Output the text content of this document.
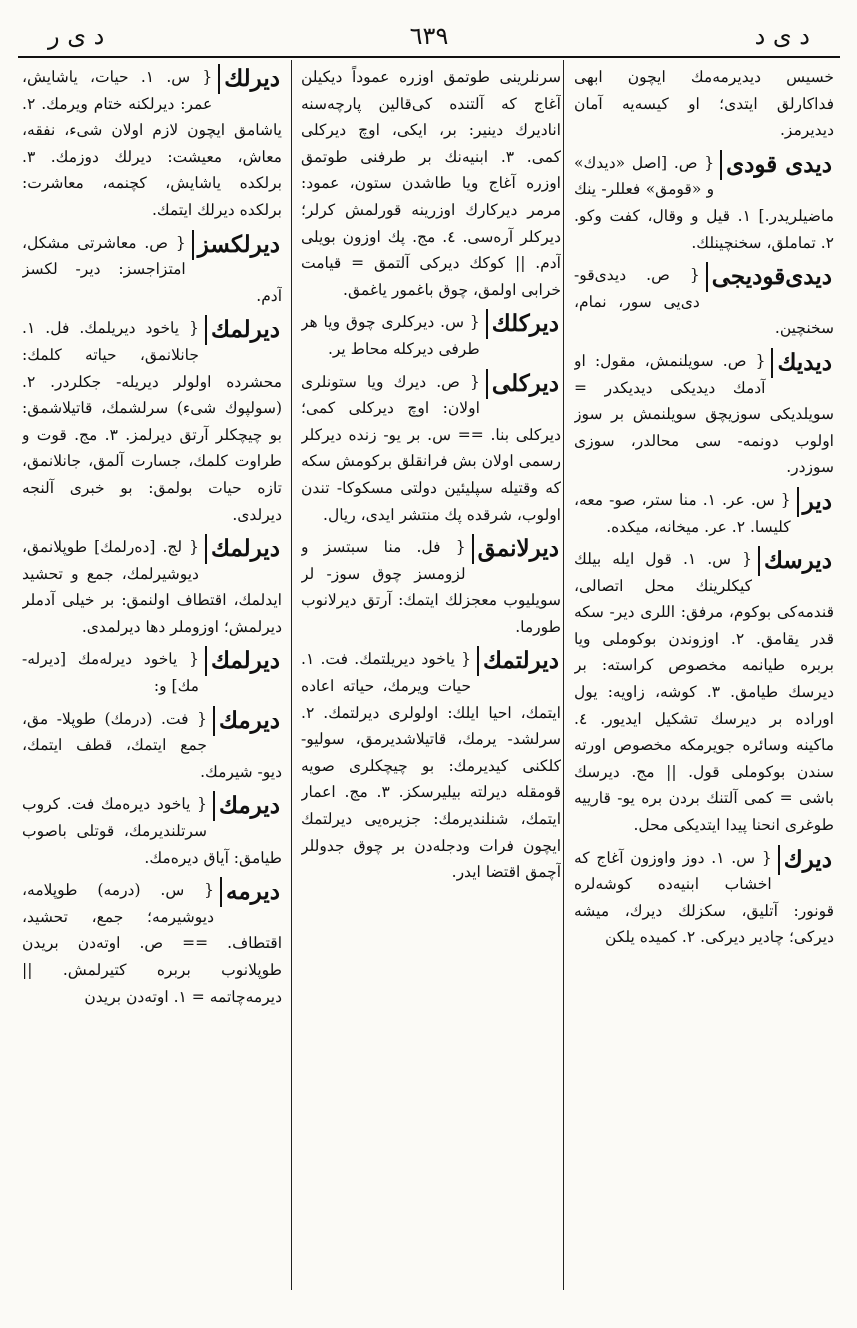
د ی د
٦٣٩
د ی ر
خسیس دیدیرمه‌مك ایچون ابهی فداكارلق ایتدی؛ او كیسه‌یه آمان دیدیرمز.
دیدی قودی
{ ص. [اصل «دیدك» و «قومق» فعللر- ینك ماضیلریدر.] ۱. قیل و وقال، كفت وكو. ۲. تماملق، سخنچینلك.
دیدی‌قودیجی
{ ص. دیدی‌قو- دی‌یی سور، نمام، سخنچین.
دیدیك
{ ص. سویلنمش، مقول: او آدمك دیدیكی دیدیكدر = سویلدیكی سوزیچق سویلنمش بر سوز اولوب دونمه- سی محالدر، سوزی سوزدر.
دیر
{ س. عر. ۱. منا ستر، صو- معه، كلیسا. ۲. عر. میخانه، میكده.
دیرسك
{ س. ۱. قول ایله بیلك كیكلرینك محل اتصالی، قندمه‌كی بوكوم، مرفق: اللری دیر- سكه قدر یقامق. ۲. اوزوندن بوكوملی ویا بربره طیانمه مخصوص كراسته: بر دیرسك طیامق. ۳. كوشه، زاویه: یول اوراده بر دیرسك تشكیل ایدیور. ٤. ماكینه وسائره جویرمكه مخصوص اورته سندن بوكوملی قول. || مج. دیرسك باشی = كمی آلتنك بردن بره یو- قارییه طوغری انحنا پیدا ایتدیكی محل.
دیرك
{ س. ۱. دوز واوزون آغاج كه اخشاب ابنیه‌ده كوشه‌لره قونور: آتلیق، سكزلك دیرك، میشه دیركی؛ چادیر دیركی. ۲. كمیده یلكن
سرنلرینی طوتمق اوزره عموداً دیكیلن آغاج كه آلتنده كی‌قالین پارچه‌سنه اناديرك دینیر: بر، ایكی، اوچ دیركلی كمی. ۳. ابنیه‌نك بر طرفنی طوتمق اوزره آغاج ویا طاشدن ستون، عمود: مرمر دیركارك اوزرینه قورلمش كرلر؛ دیركلر آرەسی. ٤. مج. پك اوزون بویلی آدم. || كوكك دیركی آلتمق = قیامت خرابی اولمق، چوق باغمور یاغمق.
دیركلك
{ س. دیركلری چوق ویا هر طرفی دیركله محاط یر.
دیركلی
{ ص. دیرك ویا ستونلری اولان: اوچ دیركلی كمی؛ دیركلی بنا. == س. بر یو- زنده دیركلر رسمی اولان بش فرانقلق بركومش سكه كه وقتیله سپلیئین دولتی مسكوكا- تندن اولوب، شرقده پك منتشر ایدی، ریال.
دیرلانمق
{ فل. منا سبتسز و لزومسز چوق سوز- لر سویلیوب معجزلك ایتمك: آرتق دیرلانوب طورما.
دیرلتمك
{ یاخود دیریلتمك. فت. ۱. حیات ویرمك، حیاته اعاده ایتمك، احیا ایلك: اولولری دیرلتمك. ۲. سرلشد- یرمك، قاتیلاشدیرمق، سولیو- كلكنی كیدیرمك: بو چیچكلری صویه قومقله دیرلته بیلیرسكز. ۳. مج. اعمار ایتمك، شنلندیرمك: جزیره‌یی دیرلتمك ایچون فرات ودجله‌دن بر چوق جدوللر آچمق اقتضا ایدر.
دیرلك
{ س. ۱. حیات، یاشایش، عمر: دیرلكنه ختام ویرمك. ۲. یاشامق ایچون لازم اولان شیء، نفقه، معاش، معیشت: دیرلك دوزمك. ۳. برلكده یاشایش، كچنمه، معاشرت: برلكده دیرلك ایتمك.
دیرلكسز
{ ص. معاشرتی مشكل، امتزاجسز: دیر- لكسز آدم.
دیرلمك
{ یاخود دیریلمك. فل. ۱. جانلانمق، حیاته كلمك: محشرده اولولر دیریله- جكلردر. ۲. (سولپوك شیء) سرلشمك، قاتیلاشمق: بو چیچكلر آرتق دیرلمز. ۳. مج. قوت و طراوت كلمك، جسارت آلمق، جانلانمق، تازه حیات بولمق: بو خبری آلنجه دیرلدی.
دیرلمك
{ لج. [ده‌رلمك] طوپلانمق، دیوشیرلمك، جمع و تحشید ایدلمك، اقتطاف اولنمق: بر خیلی آدملر دیرلمش؛ اوزوملر دها دیرلمدی.
دیرلمك
{ یاخود دیرله‌مك [دیرله- مك] و:
دیرمك
{ فت. (درمك) طوپلا- مق، جمع ایتمك، قطف ایتمك، دیو- شیرمك.
دیرمك
{ یاخود دیرەمك فت. كروب سرتلندیرمك، قوتلی باصوب طیامق: آیاق دیرەمك.
دیرمه
{ س. (درمه) طوپلامه، دیوشیرمه؛ جمع، تحشید، اقتطاف. == ص. اوته‌دن بریدن طوپلانوب بربره كتیرلمش. || دیرمه‌چاتمه = ۱. اوته‌دن بریدن
